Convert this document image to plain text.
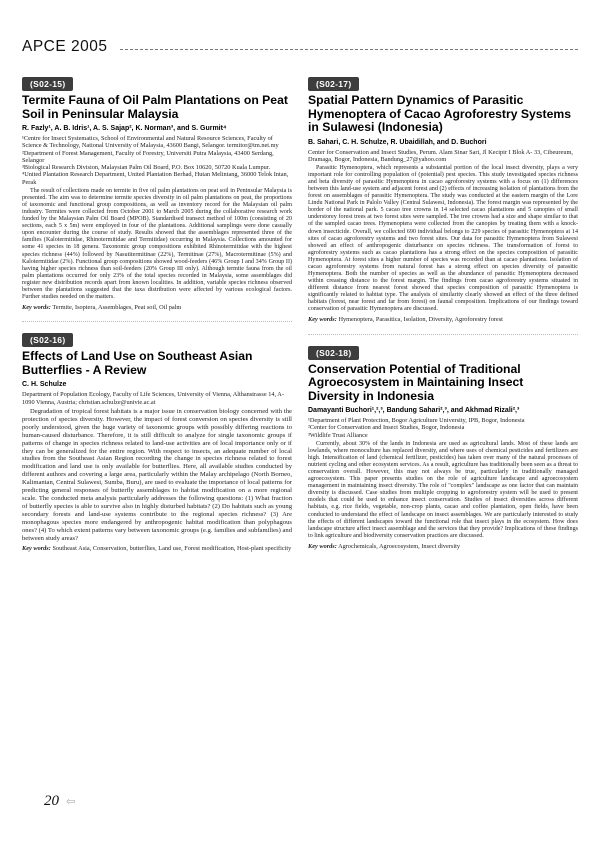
APCE 2005
(S02-15)
Termite Fauna of Oil Palm Plantations on Peat Soil in Peninsular Malaysia
R. Fazly¹, A. B. Idris¹, A. S. Sajap², K. Norman³, and S. Gurmit⁴
¹Centre for Insect Systematics, School of Environmental and Natural Resource Sciences, Faculty of Science & Technology, National University of Malaysia, 43600 Bangi, Selangor. termitor@tm.net.my
²Department of Forest Management, Faculty of Forestry, Universiti Putra Malaysia, 43400 Serdang, Selangor
³Biological Research Division, Malaysian Palm Oil Board, P.O. Box 10620, 50720 Kuala Lumpur.
⁴United Plantation Research Department, United Plantation Berhad, Hutan Melintang, 36000 Telok Intan, Perak

The result of collections made on termite in five oil palm plantations on peat soil in Peninsular Malaysia is presented. The aim was to determine termite species diversity in oil palm plantations on peat, the proportions of taxonomic and functional group compositions, as well as inventory record for the Malaysian oil palm industry. Termites were collected from October 2001 to March 2005 during the collaborative research work funded by the Malaysian Palm Oil Board (MPOB). Standardised transect method of 100m (consisting of 20 sections, each 5 x 5m) were employed in four of the plantations. Additional samplings were done casually upon encounter during the course of study. Results showed that the assemblages represented three of the families (Kalotermitidae, Rhinotermitidae and Termitidae) occurring in Malaysia. Collections amounted for some 41 species in 18 genera. Taxonomic group compositions exhibited Rhinotermitidae with the highest species richness (44%) followed by Nasutitermitinae (22%), Termitinae (27%), Macrotermitinae (5%) and Kalotermitidae (2%). Functional group compositions showed wood-feeders (46% Group I and 34% Group II) having higher species richness than soil-feeders (20% Group III only). Although termite fauna from the oil palm plantations occurred for only 23% of the total species recorded in Malaysia, some assemblages did register new distribution records apart from known localities. In addition, variable species richness observed between the plantations suggested that the taxa distribution were affected by various ecological factors. Further studies needed on the matters.

Key words: Termite, Isoptera, Assemblages, Peat soil, Oil palm
(S02-16)
Effects of Land Use on Southeast Asian Butterflies - A Review
C. H. Schulze
Department of Population Ecology, Faculty of Life Sciences, University of Vienna, Althanstrasse 14, A-1090 Vienna, Austria; christian.schulze@univie.ac.at

Degradation of tropical forest habitats is a major issue in conservation biology concerned with the protection of species diversity. However, the impact of forest conversion on species diversity is still poorly understood, given the huge variety of taxonomic groups with possibly differing reactions to human-caused disturbance. Therefore, it is still difficult to analyze for single taxonomic groups if patterns of change in species richness related to land-use activities are of local importance only or if they can be generalized for the entire region. With respect to insects, an adequate number of local studies from the Southeast Asian Region recording the change in species richness related to forest modification and land use is only available for butterflies. Here, all available studies conducted by different authors and covering a large area, particularly within the Malay archipelago (North Borneo, Kalimantan, Central Sulawesi, Sumba, Buru), are used to evaluate the importance of local patterns for predicting general responses of butterfly assemblages to habitat modification on a more regional scale. The conducted meta analysis particularly addresses the following questions: (1) What fraction of butterfly species is able to survive also in highly disturbed habitats? (2) Do habitats such as young secondary forests and land-use systems contribute to the regional species richness? (3) Are monophagous species more endangered by anthropogenic habitat modification than polyphagous ones? (4) To which extent patterns vary between taxonomic groups (e.g. families and subfamilies) and between study areas?

Key words: Southeast Asia, Conservation, butterflies, Land use, Forest modification, Host-plant specificity
(S02-17)
Spatial Pattern Dynamics of Parasitic Hymenoptera of Cacao Agroforestry Systems in Sulawesi (Indonesia)
B. Sahari, C. H. Schulze, R. Ubaidillah, and D. Buchori
Center for Conservation and Insect Studies, Perum. Alam Sinar Sari, Jl Kecipir I Blok A- 33, Cibeureum, Dramaga, Bogor, Indonesia, Bandung_27@yahoo.com

Parasitic Hymenoptera, which represents a substantial portion of the local insect diversity, plays a very important role for controlling population of (potential) pest species. This study investigated species richness and beta diversity of parasitic Hymenoptera in cacao agroforestry systems with a focus on (1) differences between this land-use system and adjacent forest and (2) effects of increasing isolation of plantations from the forest on assemblages of parasitic Hymenoptera. The study was conducted at the eastern margin of the Lore Lindu National Park in Palolo Valley (Central Sulawesi, Indonesia). The forest margin was represented by the border of the national park. 5 cacao tree crowns in 14 selected cacao plantations and 5 canopies of small understorey forest trees at two forest sites were sampled. The tree crowns had a size and shape similar to that of the sampled cacao trees. Hymenoptera were collected from the canopies by treating them with a knock-down insecticide. Overall, we collected 690 individual belongs to 229 species of parasitic Hymenoptera at 14 sites of cacao agroforestry systems and two forest sites. Our data for parasitic Hymenoptera from Sulawesi showed an effect of anthropogenic disturbance on species richness. The transformation of forest to agroforestry systems such as cacao plantations has a strong effect on the species composition of parasitic Hymenoptera. At forest sites a higher number of species was recorded than at cacao plantations. Isolation of cacao agroforestry systems from natural forest has a strong effect on species diversity of parasitic Hymenoptera. Both the number of species as well as the abundance of parasitic Hymenoptera decreased within creasing distance to the forest margin. The findings from cacao agroforestry systems situated in different distance from nearest forest showed that species composition of parasitic Hymenoptera is significantly related to habitat type. The analysis of similarity clearly showed an effect of the three defined habitats (forest, near forest and far from forest) on faunal composition. Implications of our findings toward conservation of parasitic Hymenoptera are discussed.

Key words: Hymenoptera, Parasitica, Isolation, Diversity, Agroforestry forest
(S02-18)
Conservation Potential of Traditional Agroecosystem in Maintaining Insect Diversity in Indonesia
Damayanti Buchori¹,²,³, Bandung Sahari²,³, and Akhmad Rizali²,³
¹Department of Plant Protection, Bogor Agriculture University, IPB, Bogor, Indonesia
²Center for Conservation and Insect Studies, Bogor, Indonesia
³Wildlife Trust Alliance

Currently, about 30% of the lands in Indonesia are used as agricultural lands. Most of these lands are lowlands, where monoculture has replaced diversity, and where uses of chemical pesticides and fertilizers are high. Intensification of land (chemical fertilizer, pesticides) has taken over many of the natural processes of nutrient cycling and other ecosystem services. As a result, agriculture has traditionally been seen as a threat to conservation overall. However, this may not always be true, particularly in traditionally managed agroecosystem. This paper presents studies on the role of agriculture landscape and agroecosystem management in maintaining insect diversity. The role of "complex" landscape as one factor that can maintain diversity is discussed. Case studies from multiple cropping to agroforestry system will be used to present models that could be used to enhance insect conservation. Studies of insect diversities across different habitats, e.g. rice fields, vegetable, non-crop plants, cacao and coffee plantation, open fields, have been conducted to understand the effect of landscape on insect assemblages. We are particularly interested to study the effects of different landscapes toward the functional role that insect plays in the ecosystem. How does landscape structure affect insect assemblage and the services that they provide? Implications of these findings to link agriculture and biodiversity conservation practices are discussed.

Key words: Agrochemicals, Agroecosystem, Insect diversity
20 ⇦
